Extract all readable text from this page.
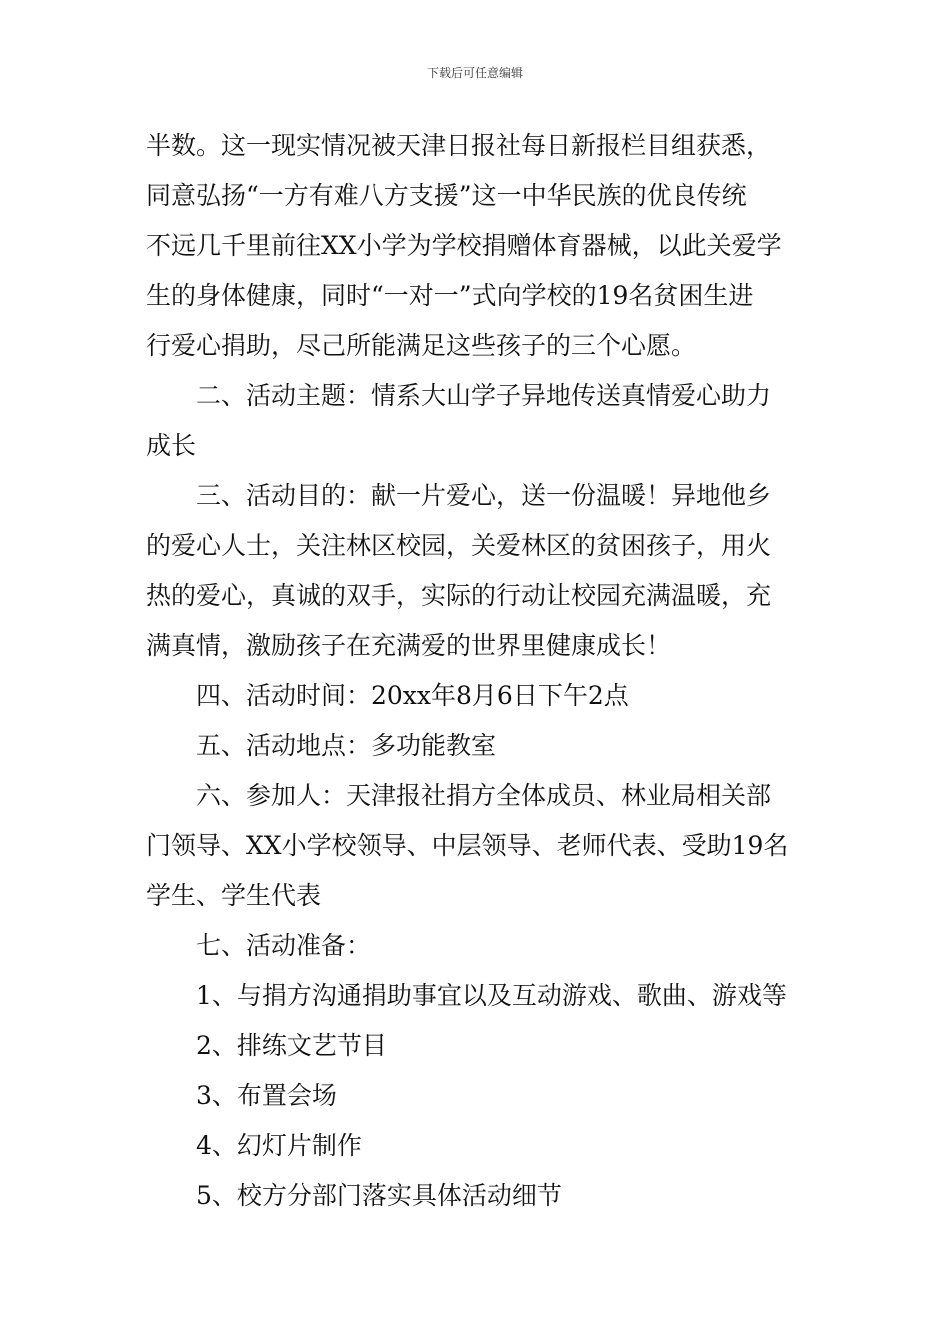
下载后可任意编辑
半数。这一现实情况被天津日报社每日新报栏目组获悉，
同意弘扬“一方有难八方支援”这一中华民族的优良传统
不远几千里前往XX小学为学校捐赠体育器械，以此关爱学
生的身体健康，同时“一对一”式向学校的19名贫困生进
行爱心捐助，尽己所能满足这些孩子的三个心愿。
二、活动主题：情系大山学子异地传送真情爱心助力
成长
三、活动目的：献一片爱心，送一份温暖！异地他乡
的爱心人士，关注林区校园，关爱林区的贫困孩子，用火
热的爱心，真诚的双手，实际的行动让校园充满温暖，充
满真情，激励孩子在充满爱的世界里健康成长！
四、活动时间：20xx年8月6日下午2点
五、活动地点：多功能教室
六、参加人：天津报社捐方全体成员、林业局相关部
门领导、XX小学校领导、中层领导、老师代表、受助19名
学生、学生代表
七、活动准备：
1、与捐方沟通捐助事宜以及互动游戏、歌曲、游戏等
2、排练文艺节目
3、布置会场
4、幻灯片制作
5、校方分部门落实具体活动细节
